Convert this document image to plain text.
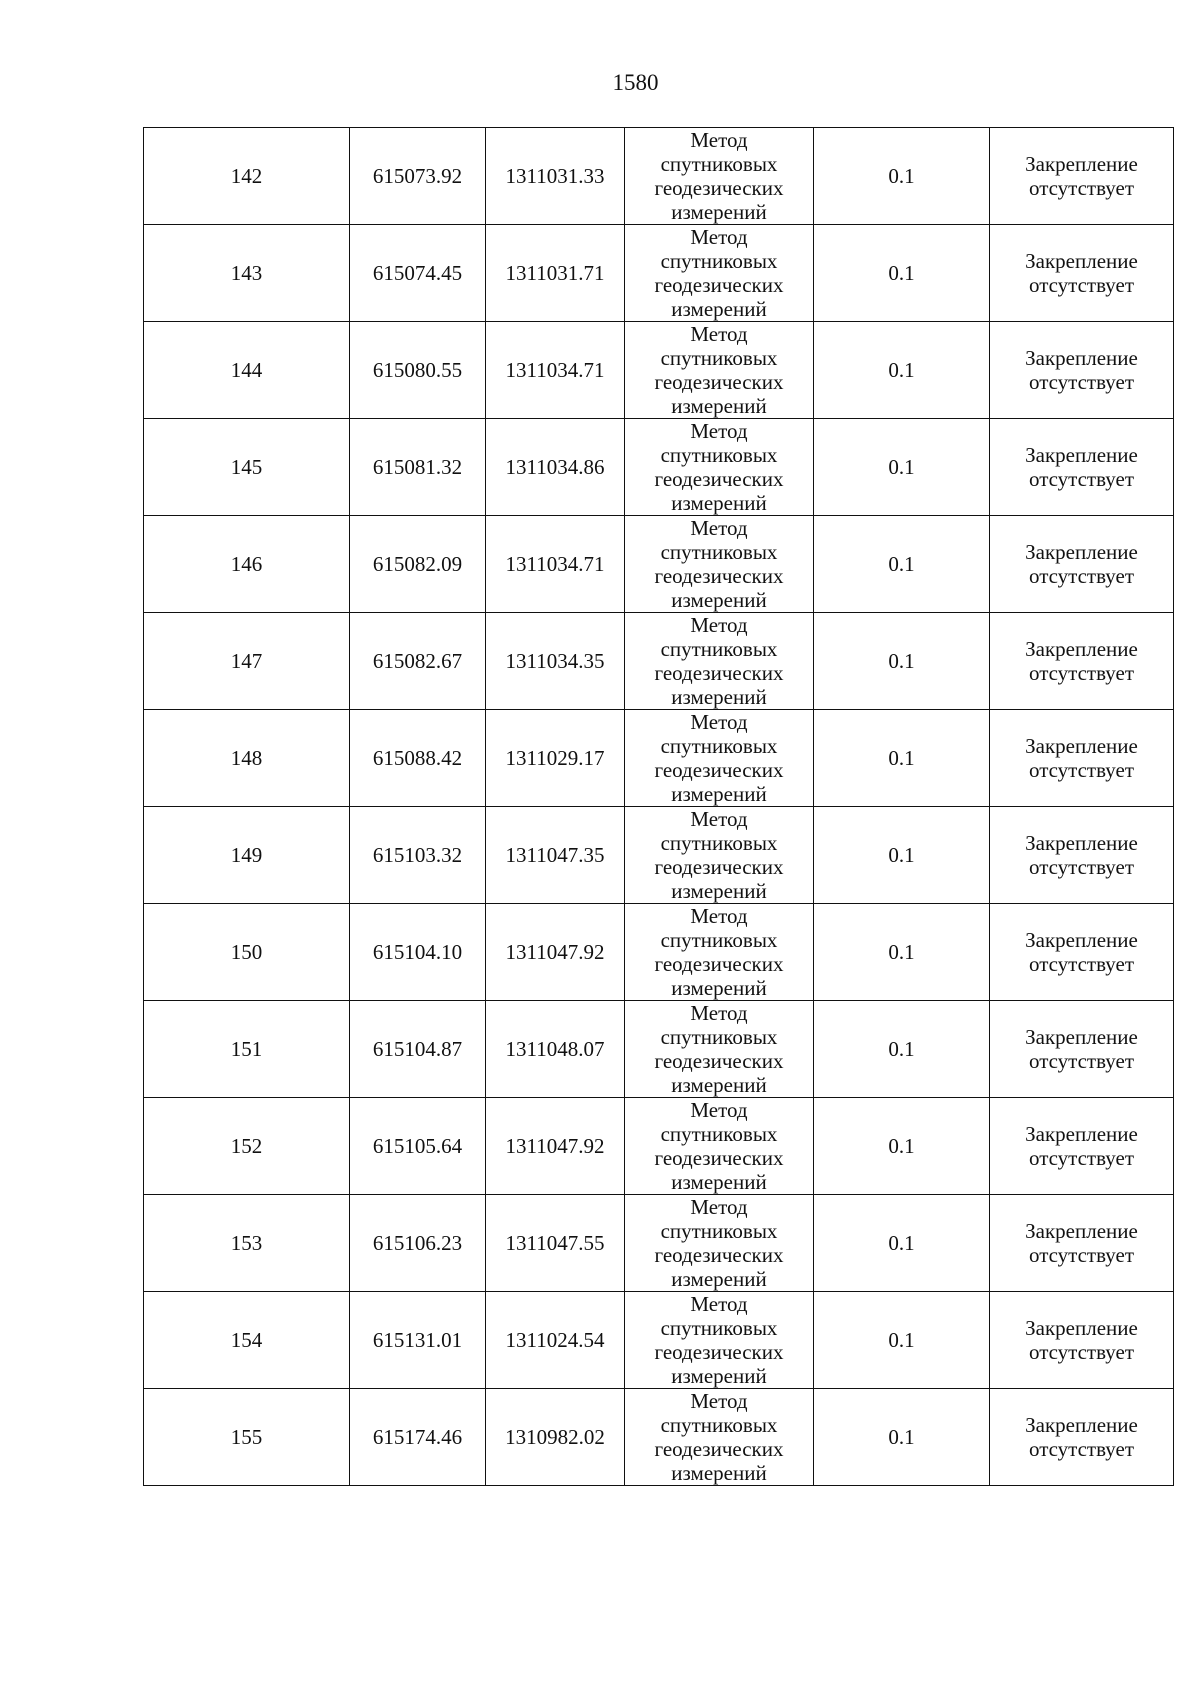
1580
142	615073.92	1311031.33	Метод
спутниковых
геодезических
измерений	0.1	Закрепление
отсутствует
143	615074.45	1311031.71	Метод
спутниковых
геодезических
измерений	0.1	Закрепление
отсутствует
144	615080.55	1311034.71	Метод
спутниковых
геодезических
измерений	0.1	Закрепление
отсутствует
145	615081.32	1311034.86	Метод
спутниковых
геодезических
измерений	0.1	Закрепление
отсутствует
146	615082.09	1311034.71	Метод
спутниковых
геодезических
измерений	0.1	Закрепление
отсутствует
147	615082.67	1311034.35	Метод
спутниковых
геодезических
измерений	0.1	Закрепление
отсутствует
148	615088.42	1311029.17	Метод
спутниковых
геодезических
измерений	0.1	Закрепление
отсутствует
149	615103.32	1311047.35	Метод
спутниковых
геодезических
измерений	0.1	Закрепление
отсутствует
150	615104.10	1311047.92	Метод
спутниковых
геодезических
измерений	0.1	Закрепление
отсутствует
151	615104.87	1311048.07	Метод
спутниковых
геодезических
измерений	0.1	Закрепление
отсутствует
152	615105.64	1311047.92	Метод
спутниковых
геодезических
измерений	0.1	Закрепление
отсутствует
153	615106.23	1311047.55	Метод
спутниковых
геодезических
измерений	0.1	Закрепление
отсутствует
154	615131.01	1311024.54	Метод
спутниковых
геодезических
измерений	0.1	Закрепление
отсутствует
155	615174.46	1310982.02	Метод
спутниковых
геодезических
измерений	0.1	Закрепление
отсутствует
